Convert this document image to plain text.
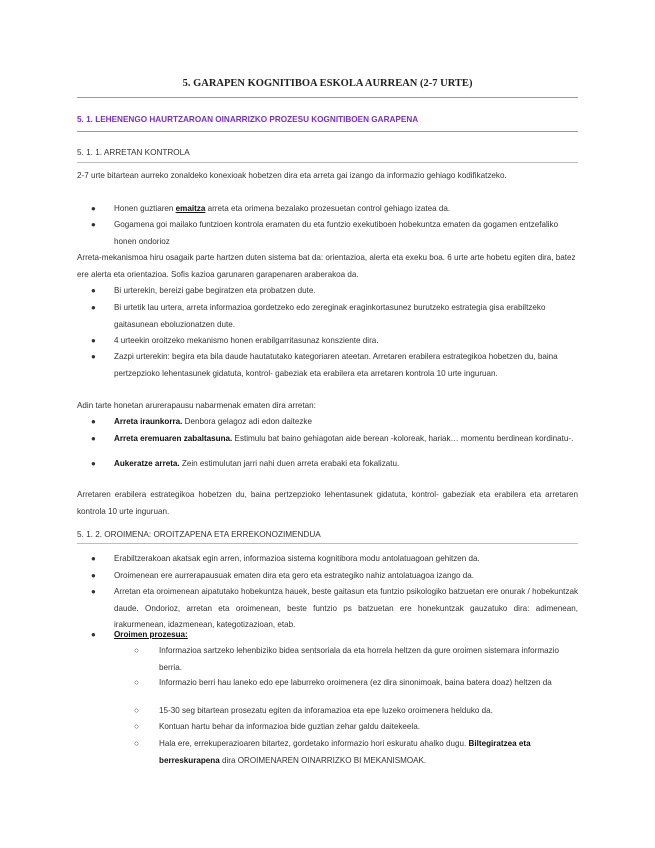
5. GARAPEN KOGNITIBOA ESKOLA AURREAN (2-7 URTE)
5. 1. LEHENENGO HAURTZAROAN OINARRIZKO PROZESU KOGNITIBOEN GARAPENA
5. 1. 1. ARRETAN KONTROLA
2-7 urte bitartean aurreko zonaldeko konexioak hobetzen dira eta arreta gai izango da informazio gehiago kodifikatzeko.
●	Honen guztiaren emaitza arreta eta orimena bezalako prozesuetan control gehiago izatea da.
●	Gogamena goi mailako funtzioen kontrola eramaten du eta funtzio exekutiboen hobekuntza ematen da gogamen entzefaliko honen ondorioz
Arreta-mekanismoa hiru osagaik parte hartzen duten sistema bat da: orientazioa, alerta eta exeku boa. 6 urte arte hobetu egiten dira, batez ere alerta eta orientazioa. Sofis kazioa garunaren garapenaren araberakoa da.
●	Bi urterekin, bereizi gabe begiratzen eta probatzen dute.
●	Bi urtetik lau urtera, arreta informazioa gordetzeko edo zereginak eraginkortasunez burutzeko estrategia gisa erabiltzeko gaitasunean eboluzionatzen dute.
●	4 urteekin oroitzeko mekanismo honen erabilgarritasunaz konsziente dira.
●	Zazpi urterekin: begira eta bila daude hautatutako kategoriaren ateetan. Arretaren erabilera estrategikoa hobetzen du, baina pertzepzioko lehentasunek gidatuta, kontrol- gabeziak eta erabilera eta arretaren kontrola 10 urte inguruan.
Adin tarte honetan arurerapausu nabarmenak ematen dira arretan:
●	Arreta iraunkorra. Denbora gelagoz adi edon daitezke
●	Arreta eremuaren zabaltasuna. Estimulu bat baino gehiagotan aide berean -koloreak, hariak… momentu berdinean kordinatu-.
●	Aukeratze arreta. Zein estimulutan jarri nahi duen arreta erabaki eta fokalizatu.
Arretaren erabilera estrategikoa hobetzen du, baina pertzepzioko lehentasunek gidatuta, kontrol- gabeziak eta erabilera eta arretaren kontrola 10 urte inguruan.
5. 1. 2. OROIMENA: OROITZAPENA ETA ERREKONOZIMENDUA
●	Erabiltzerakoan akatsak egin arren, informazioa sistema kognitibora modu antolatuagoan gehitzen da.
●	Oroimenean ere aurrerapausuak ematen dira eta gero eta estrategiko nahiz antolatuagoa izango da.
●	Arretan eta oroimenean aipatutako hobekuntza hauek, beste gaitasun eta funtzio psikologiko batzuetan ere onurak / hobekuntzak daude. Ondorioz, arretan eta oroimenean, beste funtzio ps batzuetan ere honekuntzak gauzatuko dira: adimenean, irakurmenean, idazmenean, kategotizazioan, etab.
●	Oroimen prozesua:
○ Informazioa sartzeko lehenbiziko bidea sentsoriala da eta horrela heltzen da gure oroimen sistemara informazio berria.
○ Informazio berri hau laneko edo epe laburreko oroimenera (ez dira sinonimoak, baina batera doaz) heltzen da
○ 15-30 seg bitartean prosezatu egiten da inforamazioa eta epe luzeko oroimenera helduko da.
○ Kontuan hartu behar da informazioa bide guztian zehar galdu daitekeela.
○ Hala ere, errekuperazioaren bitartez, gordetako informazio hori eskuratu ahalko dugu. Biltegiratzea eta berreskurapena dira OROIMENAREN OINARRIZKO BI MEKANISMOAK.
